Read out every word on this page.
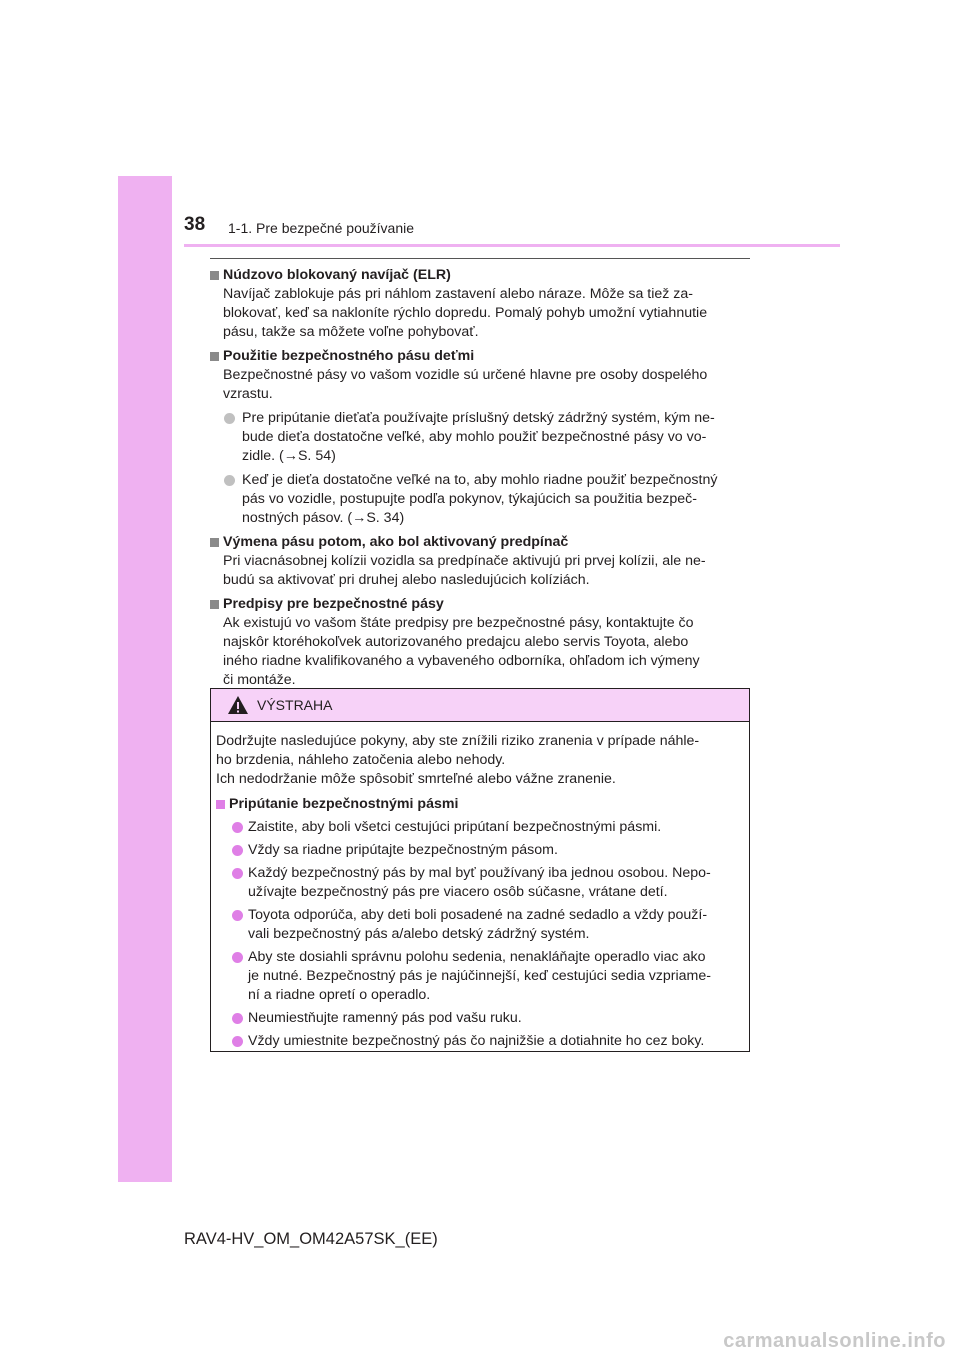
38 1-1. Pre bezpečné používanie
Núdzovo blokovaný navíjač (ELR)
Navíjač zablokuje pás pri náhlom zastavení alebo náraze. Môže sa tiež za-
blokovať, keď sa nakloníte rýchlo dopredu. Pomalý pohyb umožní vytiahnutie
pásu, takže sa môžete voľne pohybovať.
Použitie bezpečnostného pásu deťmi
Bezpečnostné pásy vo vašom vozidle sú určené hlavne pre osoby dospelého
vzrastu.
Pre pripútanie dieťaťa používajte príslušný detský zádržný systém, kým ne-
bude dieťa dostatočne veľké, aby mohlo použiť bezpečnostné pásy vo vo-
zidle. (→S. 54)
Keď je dieťa dostatočne veľké na to, aby mohlo riadne použiť bezpečnostný
pás vo vozidle, postupujte podľa pokynov, týkajúcich sa použitia bezpeč-
nostných pásov. (→S. 34)
Výmena pásu potom, ako bol aktivovaný predpínač
Pri viacnásobnej kolízii vozidla sa predpínače aktivujú pri prvej kolízii, ale ne-
budú sa aktivovať pri druhej alebo nasledujúcich kolíziách.
Predpisy pre bezpečnostné pásy
Ak existujú vo vašom štáte predpisy pre bezpečnostné pásy, kontaktujte čo
najskôr ktoréhokoľvek autorizovaného predajcu alebo servis Toyota, alebo
iného riadne kvalifikovaného a vybaveného odborníka, ohľadom ich výmeny
či montáže.
VÝSTRAHA
Dodržujte nasledujúce pokyny, aby ste znížili riziko zranenia v prípade náhle-
ho brzdenia, náhleho zatočenia alebo nehody.
Ich nedodržanie môže spôsobiť smrteľné alebo vážne zranenie.
Pripútanie bezpečnostnými pásmi
Zaistite, aby boli všetci cestujúci pripútaní bezpečnostnými pásmi.
Vždy sa riadne pripútajte bezpečnostným pásom.
Každý bezpečnostný pás by mal byť používaný iba jednou osobou. Nepo-
užívajte bezpečnostný pás pre viacero osôb súčasne, vrátane detí.
Toyota odporúča, aby deti boli posadené na zadné sedadlo a vždy použí-
vali bezpečnostný pás a/alebo detský zádržný systém.
Aby ste dosiahli správnu polohu sedenia, nenakláňajte operadlo viac ako
je nutné. Bezpečnostný pás je najúčinnejší, keď cestujúci sedia vzpriame-
ní a riadne opretí o operadlo.
Neumiestňujte ramenný pás pod vašu ruku.
Vždy umiestnite bezpečnostný pás čo najnižšie a dotiahnite ho cez boky.
RAV4-HV_OM_OM42A57SK_(EE)
carmanualsonline.info
